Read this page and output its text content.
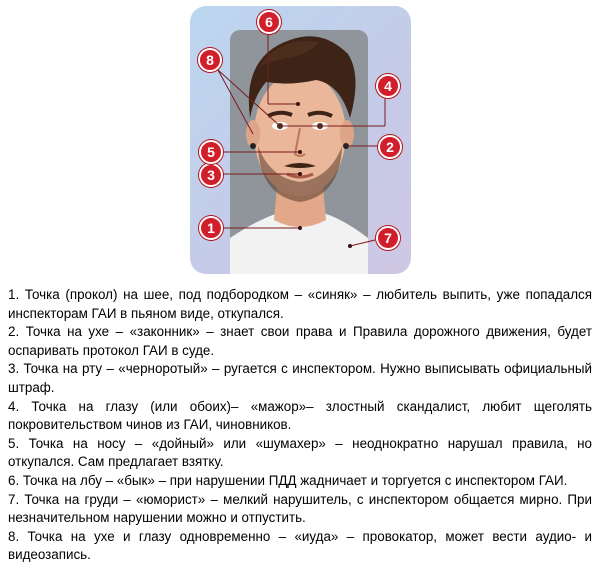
1
2
3
4
5
6
7
8

1. Точка (прокол) на шее, под подбородком – «синяк» – любитель выпить, уже попадался инспекторам ГАИ в пьяном виде, откупался.

2. Точка на ухе – «законник» – знает свои права и Правила дорожного движения, будет оспаривать протокол ГАИ в суде.

3. Точка на рту – «черноротый» – ругается с инспектором. Нужно выписывать официальный штраф.

4. Точка на глазу (или обоих)– «мажор»– злостный скандалист, любит щеголять покровительством чинов из ГАИ, чиновников.

5. Точка на носу – «дойный» или «шумахер» – неоднократно нарушал правила, но откупался. Сам предлагает взятку.

6. Точка на лбу – «бык» – при нарушении ПДД жадничает и торгуется с инспектором ГАИ.

7. Точка на груди – «юморист» – мелкий нарушитель, с инспектором общается мирно. При незначительном нарушении можно и отпустить.

8. Точка на ухе и глазу одновременно – «иуда» – провокатор, может вести аудио- и видеозапись.
